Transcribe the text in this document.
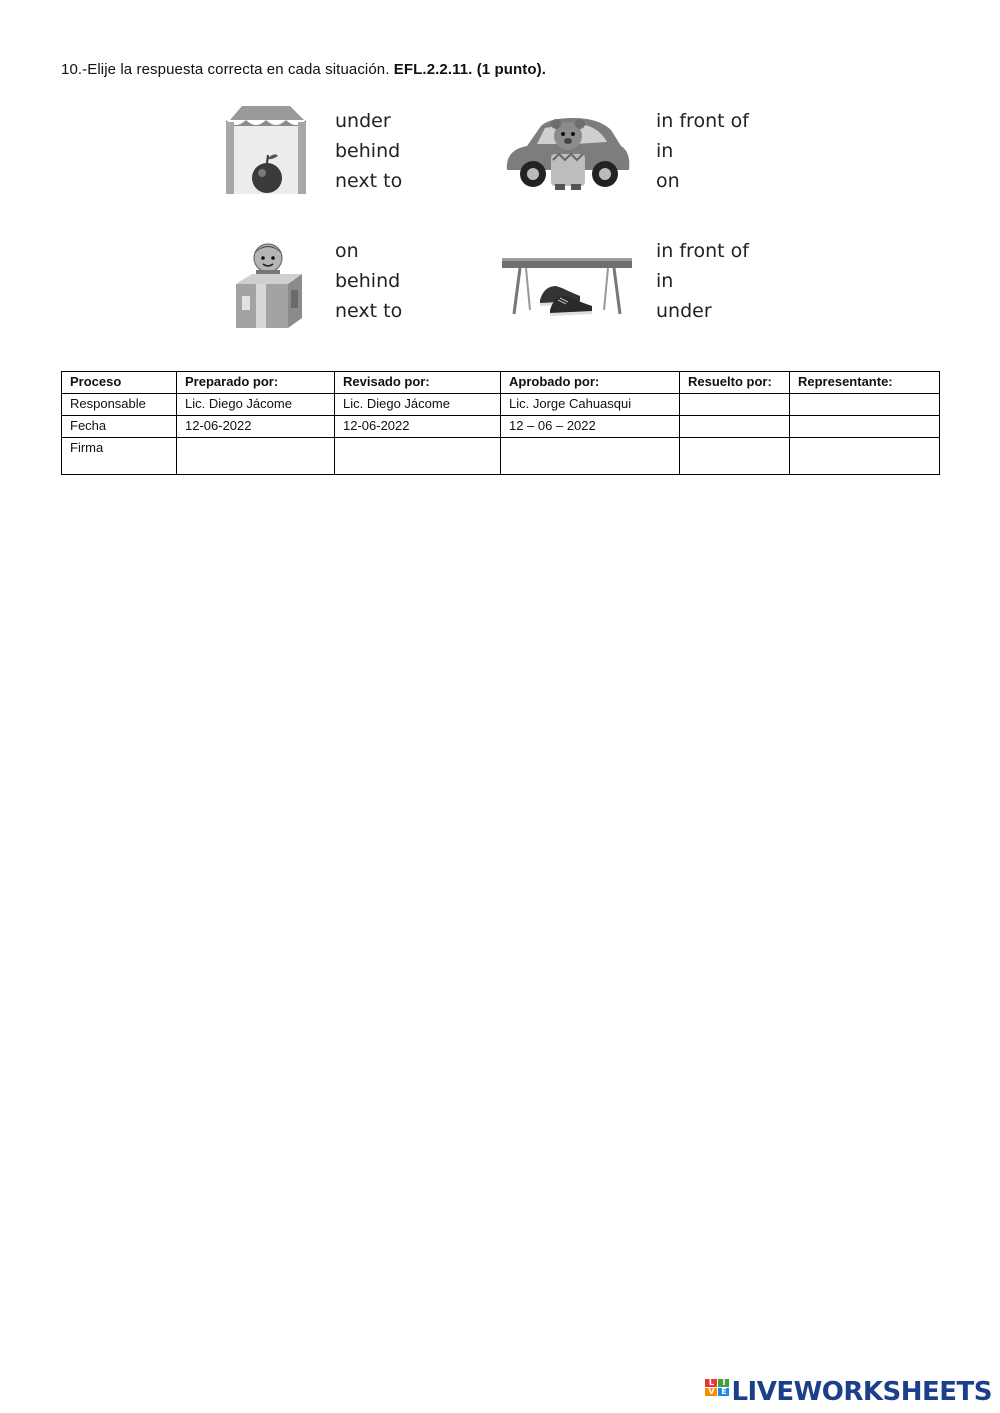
10.-Elije la respuesta correcta en cada situación. EFL.2.2.11. (1 punto).
under
behind
next to
in front of
in
on
on
behind
next to
in front of
in
under
Proceso	Preparado por:	Revisado por:	Aprobado por:	Resuelto por:	Representante:
Responsable	Lic. Diego Jácome	Lic. Diego Jácome	Lic. Jorge Cahuasqui		
Fecha	12-06-2022	12-06-2022	12 – 06 – 2022		
Firma					
L	I
V E LIVEWORKSHEETS
